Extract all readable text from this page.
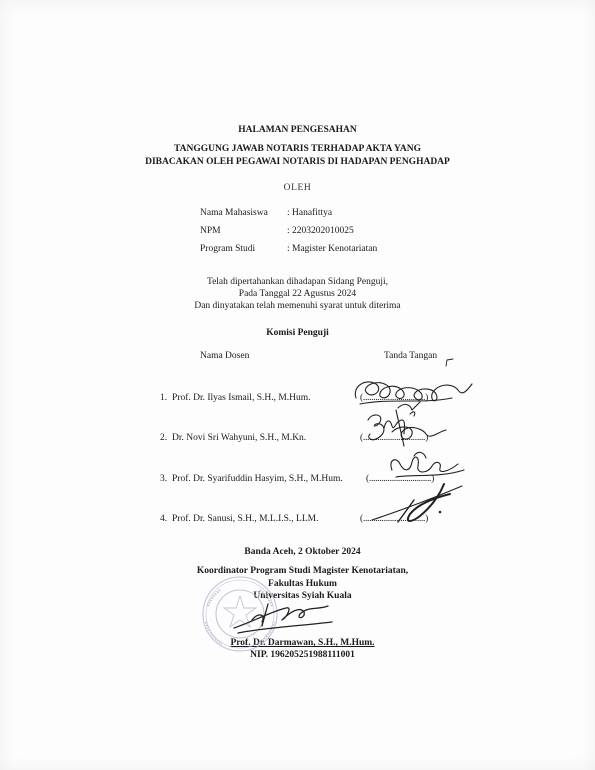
HALAMAN PENGESAHAN
TANGGUNG JAWAB NOTARIS TERHADAP AKTA YANG
DIBACAKAN OLEH PEGAWAI NOTARIS DI HADAPAN PENGHADAP
OLEH
Nama Mahasiswa : Hanafittya
NPM	: 2203202010025
Program Studi	: Magister Kenotariatan
Telah dipertahankan dihadapan Sidang Penguji,
Pada Tanggal 22 Agustus 2024
Dan dinyatakan telah memenuhi syarat untuk diterima
Komisi Penguji
Nama Dosen	Tanda Tangan
1. Prof. Dr. Ilyas Ismail, S.H., M.Hum.	(..............................)
2. Dr. Novi Sri Wahyuni, S.H., M.Kn.	(..............................)
3. Prof. Dr. Syarifuddin Hasyim, S.H., M.Hum. (..............................)
4. Prof. Dr. Sanusi, S.H., M.L.I.S., LLM.	(..............................)
Banda Aceh, 2 Oktober 2024
Koordinator Program Studi Magister Kenotariatan,
Fakultas Hukum
Universitas Syiah Kuala
Prof. Dr. Darmawan, S.H., M.Hum.
NIP. 196205251988111001
